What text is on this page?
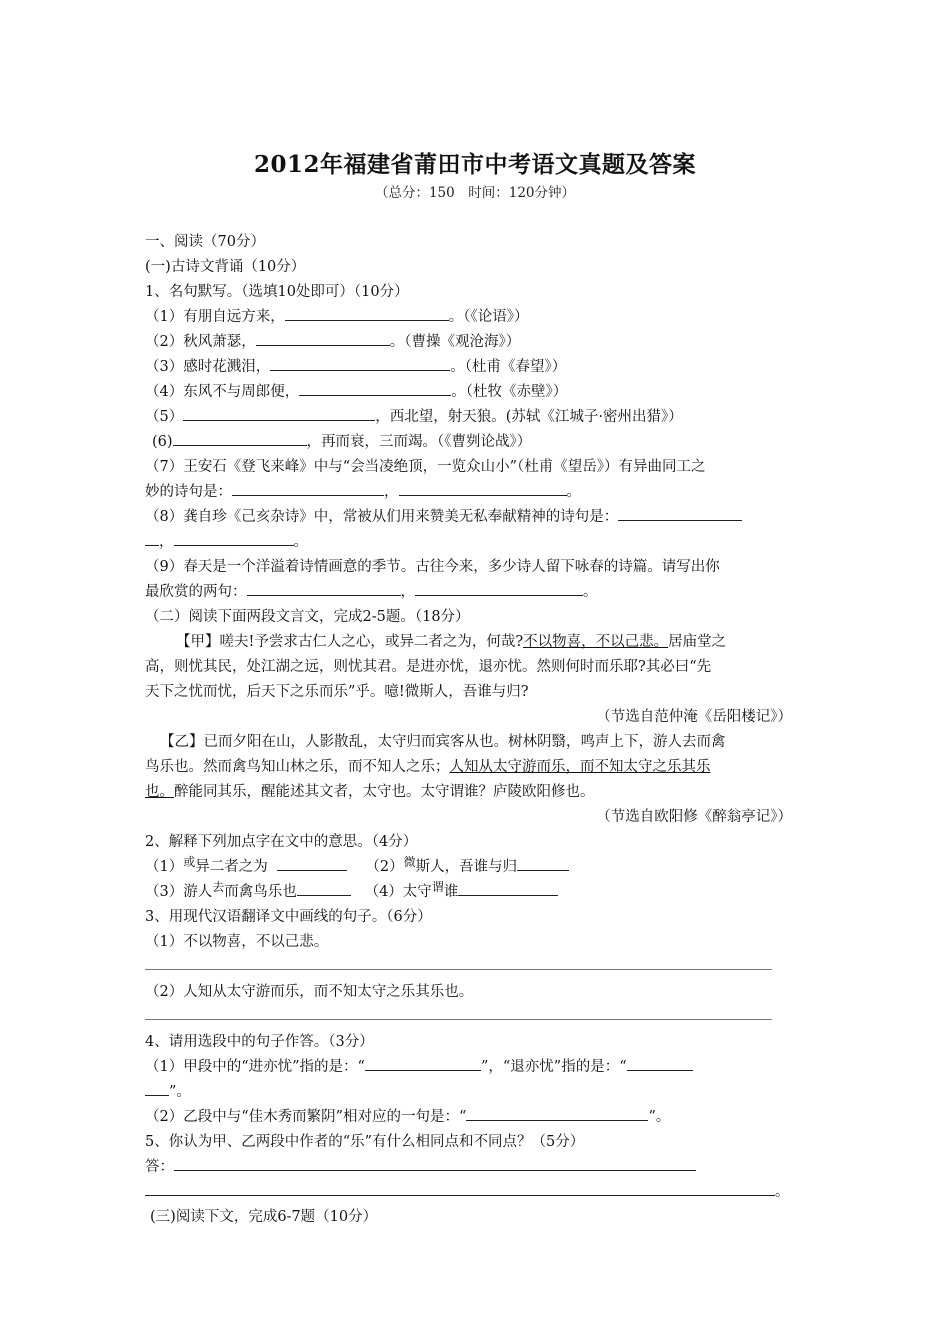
2012年福建省莆田市中考语文真题及答案
（总分：150　时间：120分钟）
一、阅读（70分）
(一)古诗文背诵（10分）
1、名句默写。（选填10处即可）（10分）
（1）有朋自远方来，	。（《论语》）
（2）秋风萧瑟，	。（曹操《观沧海》）
（3）感时花溅泪，	。（杜甫《春望》）
（4）东风不与周郎便，	。（杜牧《赤壁》）
（5）	，西北望，射天狼。(苏轼《江城子·密州出猎》）
(6)	，再而衰，三而竭。（《曹刿论战》）
（7）王安石《登飞来峰》中与“会当凌绝顶，一览众山小”（杜甫《望岳》）有异曲同工之
妙的诗句是：	，	。
（8）龚自珍《己亥杂诗》中，常被从们用来赞美无私奉献精神的诗句是：
，	。
（9）春天是一个洋溢着诗情画意的季节。古往今来，多少诗人留下咏春的诗篇。请写出你
最欣赏的两句：	，	。
（二）阅读下面两段文言文，完成2-5题。（18分）
【甲】嗟夫!予尝求古仁人之心，或异二者之为，何哉?不以物喜，不以己悲。居庙堂之
高，则忧其民，处江湖之远，则忧其君。是进亦忧，退亦忧。然则何时而乐耶?其必曰“先
天下之忧而忧，后天下之乐而乐”乎。噫!微斯人，吾谁与归?
（节选自范仲淹《岳阳楼记》）
【乙】已而夕阳在山，人影散乱，太守归而宾客从也。树林阴翳，鸣声上下，游人去而禽
鸟乐也。然而禽鸟知山林之乐，而不知人之乐；人知从太守游而乐，而不知太守之乐其乐
也。醉能同其乐，醒能述其文者，太守也。太守谓谁？庐陵欧阳修也。
（节选自欧阳修《醉翁亭记》）
2、解释下列加点字在文中的意思。（4分）
$(1)^或$异二者之为	$(2)^微$斯人，吾谁与归
（3）游人$^去$而禽鸟乐也	（4）太守$^谓$谁
3、用现代汉语翻译文中画线的句子。（6分）
（1）不以物喜，不以己悲。
（2）人知从太守游而乐，而不知太守之乐其乐也。
4、请用选段中的句子作答。（3分）
（1）甲段中的“进亦忧”指的是：“	”，“退亦忧”指的是：“
”。
（2）乙段中与“佳木秀而繁阴”相对应的一句是：“	”。
5、你认为甲、乙两段中作者的“乐”有什么相同点和不同点？（5分）
答：
。
(三)阅读下文，完成6-7题（10分）
